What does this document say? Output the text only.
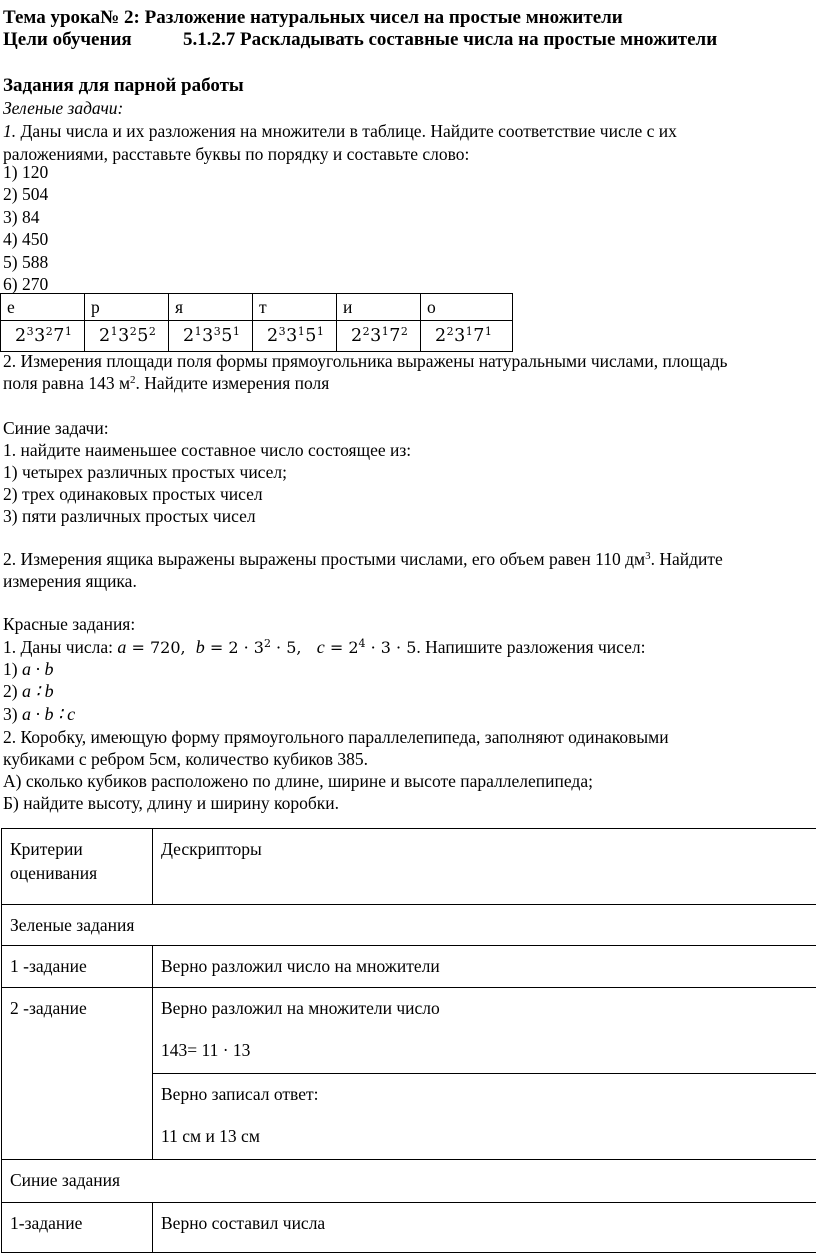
Тема урока№ 2: Разложение натуральных чисел на простые множители
Цели обучения	5.1.2.7 Раскладывать составные числа на простые множители
Задания для парной работы
Зеленые задачи:
1. Даны числа и их разложения на множители в таблице. Найдите соответствие числе с их
раложениями, расставьте буквы по порядку и составьте слово:
1) 120
2) 504
3) 84
4) 450
5) 588
6) 270
е	р	я	т	и	о
$2^33^27^1$	$2^13^25^2$	$2^13^35^1$	$2^33^15^1$	$2^23^17^2$	$2^23^17^1$
2. Измерения площади поля формы прямоугольника выражены натуральными числами, площадь
поля равна 143 $м^2$. Найдите измерения поля
Синие задачи:
1. найдите наименьшее составное число состоящее из:
1) четырех различных простых чисел;
2) трех одинаковых простых чисел
3) пяти различных простых чисел
2. Измерения ящика выражены выражены простыми числами, его объем равен 110 $дм^3$. Найдите
измерения ящика.
Красные задания:
1. Даны числа: a = 720, $b = 2 \cdot 3^2 \cdot 5$, $c = 2^4 \cdot 3 \cdot 5$. Напишите разложения чисел:
1) a · b
2) a ∶ b
3) a · b ∶ c
2. Коробку, имеющую форму прямоугольного параллелепипеда, заполняют одинаковыми
кубиками с ребром 5см, количество кубиков 385.
А) сколько кубиков расположено по длине, ширине и высоте параллелепипеда;
Б) найдите высоту, длину и ширину коробки.
Критерии
оценивания	Дескрипторы
Зеленые задания	
1 -задание	Верно разложил число на множители
2 -задание	Верно разложил на множители число
143= 11 · 13

	Верно записал ответ:
11 см и 13 см

Синие задания	
1-задание	Верно составил числа
